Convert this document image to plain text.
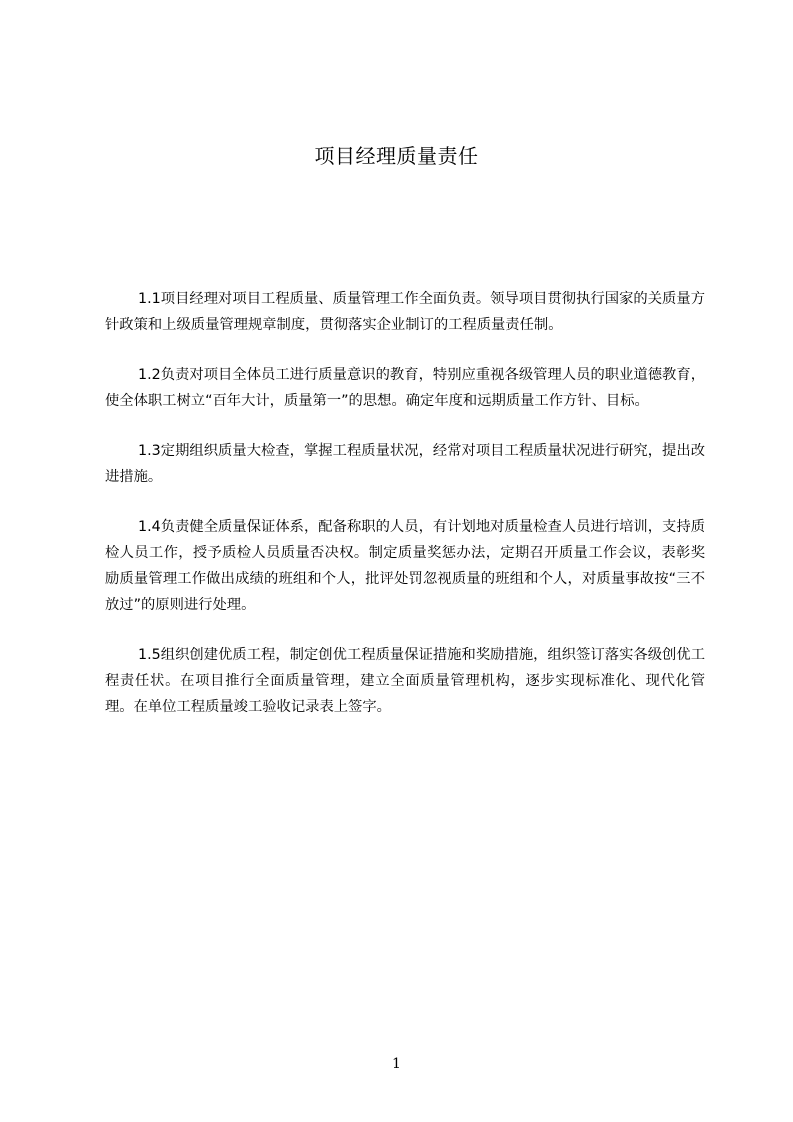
项目经理质量责任

1.1项目经理对项目工程质量、质量管理工作全面负责。领导项目贯彻执行国家的关质量方针政策和上级质量管理规章制度，贯彻落实企业制订的工程质量责任制。

1.2负责对项目全体员工进行质量意识的教育，特别应重视各级管理人员的职业道德教育，使全体职工树立“百年大计，质量第一”的思想。确定年度和远期质量工作方针、目标。

1.3定期组织质量大检查，掌握工程质量状况，经常对项目工程质量状况进行研究，提出改进措施。

1.4负责健全质量保证体系，配备称职的人员，有计划地对质量检查人员进行培训，支持质检人员工作，授予质检人员质量否决权。制定质量奖惩办法，定期召开质量工作会议，表彰奖励质量管理工作做出成绩的班组和个人，批评处罚忽视质量的班组和个人，对质量事故按“三不放过”的原则进行处理。

1.5组织创建优质工程，制定创优工程质量保证措施和奖励措施，组织签订落实各级创优工程责任状。在项目推行全面质量管理，建立全面质量管理机构，逐步实现标准化、现代化管理。在单位工程质量竣工验收记录表上签字。

1
